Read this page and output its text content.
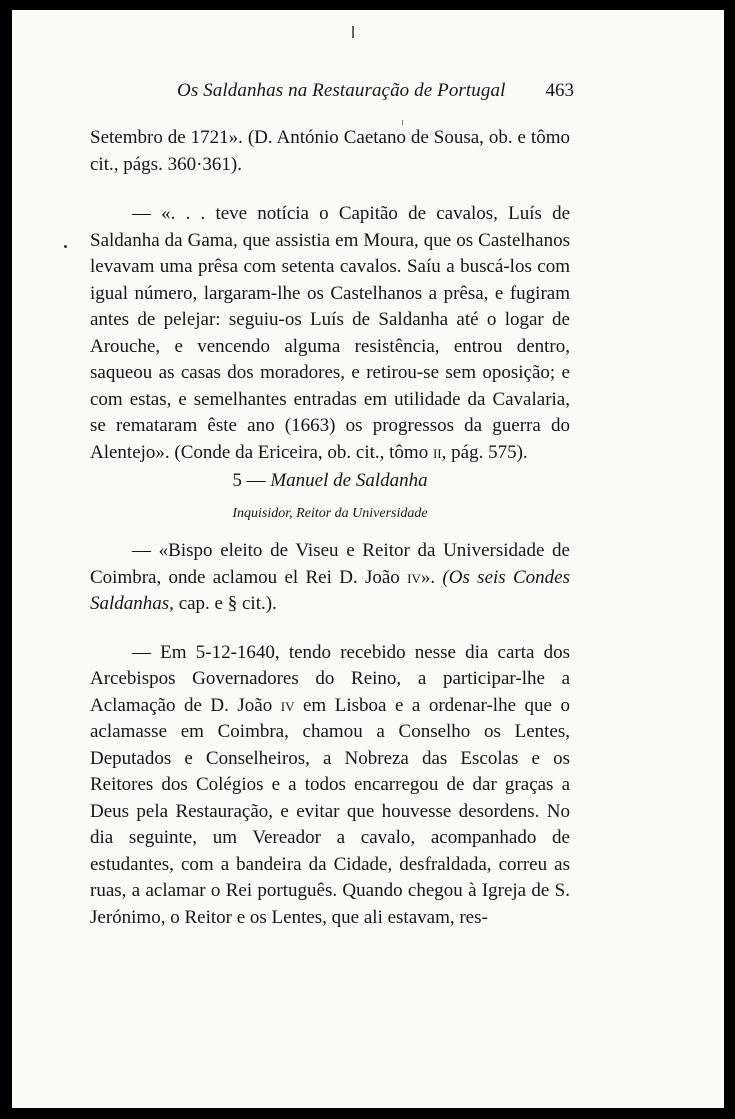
Os Saldanhas na Restauração de Portugal 463

Setembro de 1721». (D. António Caetano de Sousa, ob. e tômo cit., págs. 360·361).

— «. . . teve notícia o Capitão de cavalos, Luís de Saldanha da Gama, que assistia em Moura, que os Castelhanos levavam uma prêsa com setenta cavalos. Saíu a buscá-los com igual número, largaram-lhe os Castelhanos a prêsa, e fugiram antes de pelejar: seguiu-os Luís de Saldanha até o logar de Arouche, e vencendo alguma resistência, entrou dentro, saqueou as casas dos moradores, e retirou-se sem oposição; e com estas, e semelhantes entradas em utilidade da Cavalaria, se remataram êste ano (1663) os progressos da guerra do Alentejo». (Conde da Ericeira, ob. cit., tômo ii, pág. 575).

5 — Manuel de Saldanha
Inquisidor, Reitor da Universidade

— «Bispo eleito de Viseu e Reitor da Universidade de Coimbra, onde aclamou el Rei D. João iv». (Os seis Condes Saldanhas, cap. e § cit.).

— Em 5-12-1640, tendo recebido nesse dia carta dos Arcebispos Governadores do Reino, a participar-lhe a Aclamação de D. João iv em Lisboa e a ordenar-lhe que o aclamasse em Coimbra, chamou a Conselho os Lentes, Deputados e Conselheiros, a Nobreza das Escolas e os Reitores dos Colégios e a todos encarregou de dar graças a Deus pela Restauração, e evitar que houvesse desordens. No dia seguinte, um Vereador a cavalo, acompanhado de estudantes, com a bandeira da Cidade, desfraldada, correu as ruas, a aclamar o Rei português. Quando chegou à Igreja de S. Jerónimo, o Reitor e os Lentes, que ali estavam, res-
